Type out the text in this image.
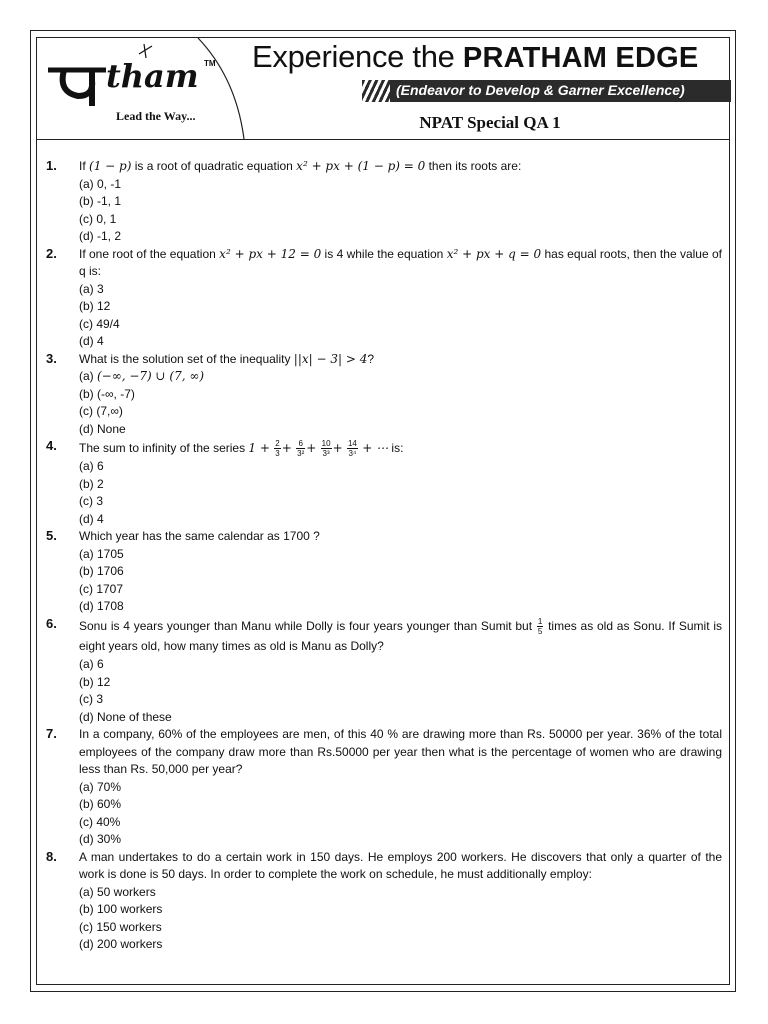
tham TM
Lead the Way...
Experience the PRATHAM EDGE
(Endeavor to Develop & Garner Excellence)
NPAT Special QA 1
1. If (1 − p) is a root of quadratic equation x² + px + (1 − p) = 0 then its roots are:
(a) 0, -1
(b) -1, 1
(c) 0, 1
(d) -1, 2
2. If one root of the equation x² + px + 12 = 0 is 4 while the equation x² + px + q = 0 has equal roots, then the value of q is:
(a) 3
(b) 12
(c) 49/4
(d) 4
3. What is the solution set of the inequality ||x| − 3| > 4?
(a) (−∞, −7) ∪ (7, ∞)
(b) (-∞, -7)
(c) (7,∞)
(d) None
4. The sum to infinity of the series $1 + \frac{2}{3} + \frac{6}{\text{3²}} + \frac{10}{\text{3³}} + \frac{14}{\text{3⁴}}$ + ⋯ is:
(a) 6
(b) 2
(c) 3
(d) 4
5. Which year has the same calendar as 1700 ?
(a) 1705
(b) 1706
(c) 1707
(d) 1708
6. Sonu is 4 years younger than Manu while Dolly is four years younger than Sumit but $\frac{1}{5}$ times as old as Sonu. If Sumit is eight years old, how many times as old is Manu as Dolly?
(a) 6
(b) 12
(c) 3
(d) None of these
7. In a company, 60% of the employees are men, of this 40 % are drawing more than Rs. 50000 per year. 36% of the total employees of the company draw more than Rs.50000 per year then what is the percentage of women who are drawing less than Rs. 50,000 per year?
(a) 70%
(b) 60%
(c) 40%
(d) 30%
8. A man undertakes to do a certain work in 150 days. He employs 200 workers. He discovers that only a quarter of the work is done is 50 days. In order to complete the work on schedule, he must additionally employ:
(a) 50 workers
(b) 100 workers
(c) 150 workers
(d) 200 workers
